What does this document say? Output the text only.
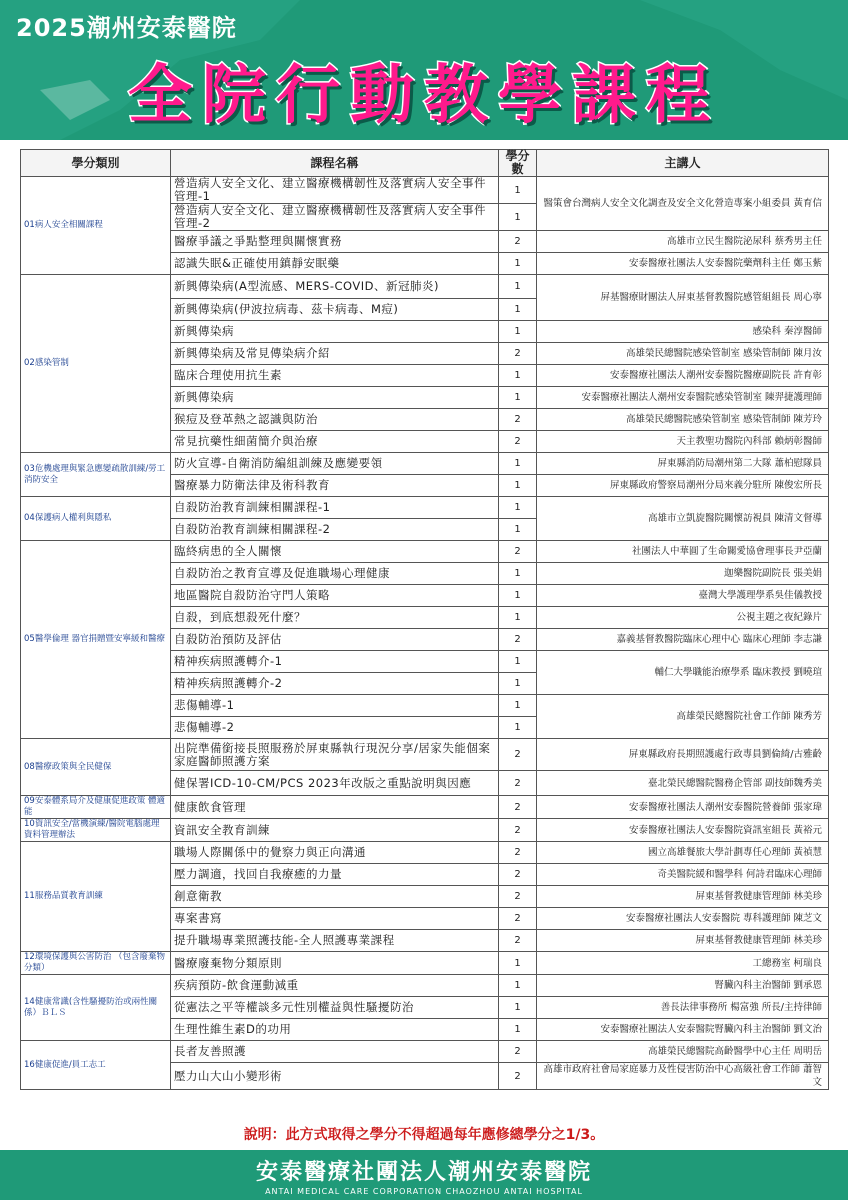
2025潮州安泰醫院
全院行動教學課程
學分類別	課程名稱	學分數	主講人
01病人安全相關課程	營造病人安全文化、建立醫療機構韌性及落實病人安全事件管理-1	1	醫策會台灣病人安全文化調查及安全文化營造專案小組委員 黃育信
	營造病人安全文化、建立醫療機構韌性及落實病人安全事件管理-2	1	
	醫療爭議之爭點整理與關懷實務	2	高雄市立民生醫院泌尿科 蔡秀男主任
	認識失眠&正確使用鎮靜安眠藥	1	安泰醫療社團法人安泰醫院藥劑科主任 鄭玉紫
02感染管制	新興傳染病(A型流感、MERS-COVID、新冠肺炎)	1	屏基醫療財團法人屏東基督教醫院感管組組長 周心寧
	新興傳染病(伊波拉病毒、茲卡病毒、M痘)	1	
	新興傳染病	1	感染科 秦淳醫師
	新興傳染病及常見傳染病介紹	2	高雄榮民總醫院感染管制室 感染管制師 陳月汝
	臨床合理使用抗生素	1	安泰醫療社團法人潮州安泰醫院醫療副院長 許育彰
	新興傳染病	1	安泰醫療社團法人潮州安泰醫院感染管制室 陳羿捷護理師
	猴痘及登革熱之認識與防治	2	高雄榮民總醫院感染管制室 感染管制師 陳芳玲
	常見抗藥性細菌簡介與治療	2	天主教聖功醫院內科部 賴炳彰醫師
03危機處理與緊急應變疏散訓練/勞工消防安全	防火宣導-自衛消防編組訓練及應變要領	1	屏東縣消防局潮州第二大隊 蕭柏慰隊員
	醫療暴力防衛法律及術科教育	1	屏東縣政府警察局潮州分局來義分駐所 陳俊宏所長
04保護病人權利與隱私	自殺防治教育訓練相關課程-1	1	高雄市立凱旋醫院關懷訪視員 陳清文督導
	自殺防治教育訓練相關課程-2	1	
05醫學倫理 器官捐贈暨安寧緩和醫療	臨終病患的全人關懷	2	社團法人中華圓了生命關愛協會理事長尹亞蘭
	自殺防治之教育宣導及促進職場心理健康	1	迦樂醫院副院長 張美娟
	地區醫院自殺防治守門人策略	1	臺灣大學護理學系吳佳儀教授
	自殺，到底想殺死什麼？	1	公視主題之夜紀錄片
	自殺防治預防及評估	2	嘉義基督教醫院臨床心理中心 臨床心理師 李志謙
	精神疾病照護轉介-1	1	輔仁大學職能治療學系 臨床教授 劉曉瑄
	精神疾病照護轉介-2	1	
	悲傷輔導-1	1	高雄榮民總醫院社會工作師 陳秀芳
	悲傷輔導-2	1	
08醫療政策與全民健保	出院準備銜接長照服務於屏東縣執行現況分享/居家失能個案家庭醫師照護方案	2	屏東縣政府長期照護處行政專員劉倫綺/古雅齡
	健保署ICD-10-CM/PCS 2023年改版之重點說明與因應	2	臺北榮民總醫院醫務企管部 副技師魏秀美
09安泰體系局介及健康促進政策 體適能	健康飲食管理	2	安泰醫療社團法人潮州安泰醫院營養師 張家瑋
10資訊安全/當機演練/醫院電腦處理資料管理辦法	資訊安全教育訓練	2	安泰醫療社團法人安泰醫院資訊室組長 黃裕元
11服務品質教育訓練	職場人際關係中的覺察力與正向溝通	2	國立高雄餐旅大學計劃專任心理師 黃禎慧
	壓力調適，找回自我療癒的力量	2	奇美醫院緩和醫學科 何詩君臨床心理師
	創意衛教	2	屏東基督教健康管理師 林美珍
	專案書寫	2	安泰醫療社團法人安泰醫院 專科護理師 陳芝文
	提升職場專業照護技能-全人照護專業課程	2	屏東基督教健康管理師 林美珍
12環境保護與公害防治 （包含廢棄物分類）	醫療廢棄物分類原則	1	工總務室 柯瑞良
14健康常識(含性騷擾防治或兩性關係）ＢＬＳ	疾病預防-飲食運動減重	1	腎臟內科主治醫師 劉承恩
	從憲法之平等權談多元性別權益與性騷擾防治	1	善長法律事務所 楊富強 所長/主持律師
	生理性維生素D的功用	1	安泰醫療社團法人安泰醫院腎臟內科主治醫師 劉文治
16健康促進/員工志工	長者友善照護	2	高雄榮民總醫院高齡醫學中心主任 周明岳
	壓力山大山小變形術	2	高雄市政府社會局家庭暴力及性侵害防治中心高級社會工作師 蕭智文
說明：此方式取得之學分不得超過每年應修總學分之1/3。
安泰醫療社團法人潮州安泰醫院
ANTAI MEDICAL CARE CORPORATION CHAOZHOU ANTAI HOSPITAL
